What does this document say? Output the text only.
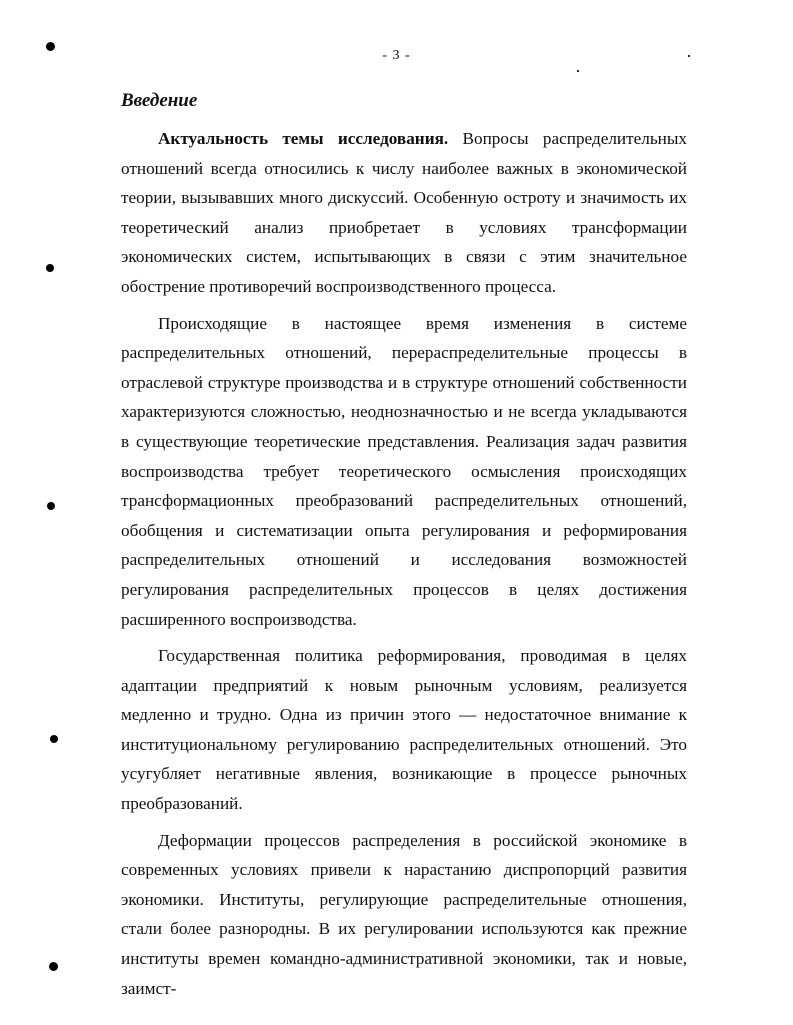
- 3 -
Введение

Актуальность темы исследования. Вопросы распределительных отношений всегда относились к числу наиболее важных в экономической теории, вызывавших много дискуссий. Особенную остроту и значимость их теоретический анализ приобретает в условиях трансформации экономических систем, испытывающих в связи с этим значительное обострение противоречий воспроизводственного процесса.

Происходящие в настоящее время изменения в системе распределительных отношений, перераспределительные процессы в отраслевой структуре производства и в структуре отношений собственности характеризуются сложностью, неоднозначностью и не всегда укладываются в существующие теоретические представления. Реализация задач развития воспроизводства требует теоретического осмысления происходящих трансформационных преобразований распределительных отношений, обобщения и систематизации опыта регулирования и реформирования распределительных отношений и исследования возможностей регулирования распределительных процессов в целях достижения расширенного воспроизводства.

Государственная политика реформирования, проводимая в целях адаптации предприятий к новым рыночным условиям, реализуется медленно и трудно. Одна из причин этого — недостаточное внимание к институциональному регулированию распределительных отношений. Это усугубляет негативные явления, возникающие в процессе рыночных преобразований.

Деформации процессов распределения в российской экономике в современных условиях привели к нарастанию диспропорций развития экономики. Институты, регулирующие распределительные отношения, стали более разнородны. В их регулировании используются как прежние институты времен командно-административной экономики, так и новые, заимст-
